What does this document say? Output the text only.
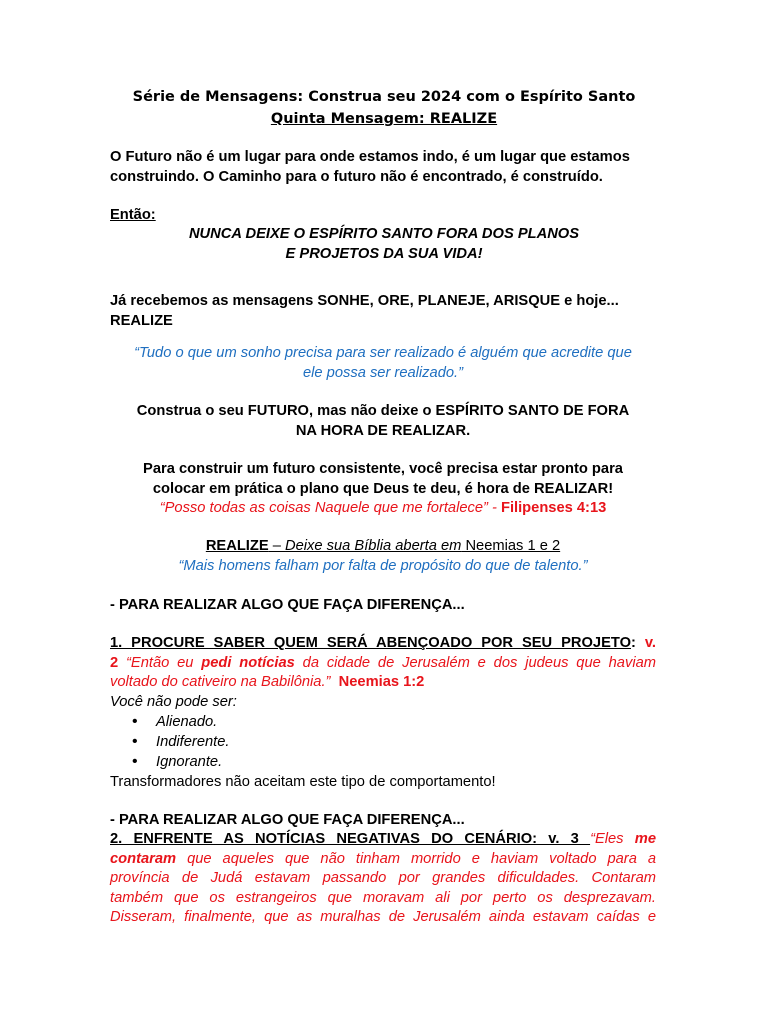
Série de Mensagens: Construa seu 2024 com o Espírito Santo
Quinta Mensagem: REALIZE
O Futuro não é um lugar para onde estamos indo, é um lugar que estamos
construindo. O Caminho para o futuro não é encontrado, é construído.
Então:
NUNCA DEIXE O ESPÍRITO SANTO FORA DOS PLANOS
E PROJETOS DA SUA VIDA!
Já recebemos as mensagens SONHE, ORE, PLANEJE, ARISQUE e hoje...
REALIZE
“Tudo o que um sonho precisa para ser realizado é alguém que acredite que
ele possa ser realizado.”
Construa o seu FUTURO, mas não deixe o ESPÍRITO SANTO DE FORA
NA HORA DE REALIZAR.
Para construir um futuro consistente, você precisa estar pronto para
colocar em prática o plano que Deus te deu, é hora de REALIZAR!
“Posso todas as coisas Naquele que me fortalece” - Filipenses 4:13
REALIZE – Deixe sua Bíblia aberta em Neemias 1 e 2
“Mais homens falham por falta de propósito do que de talento.”
- PARA REALIZAR ALGO QUE FAÇA DIFERENÇA...
1. PROCURE SABER QUEM SERÁ ABENÇOADO POR SEU PROJETO: v.
2 “Então eu pedi notícias da cidade de Jerusalém e dos judeus que haviam
voltado do cativeiro na Babilônia.” Neemias 1:2
Você não pode ser:
• Alienado.
• Indiferente.
• Ignorante.
Transformadores não aceitam este tipo de comportamento!
- PARA REALIZAR ALGO QUE FAÇA DIFERENÇA...
2. ENFRENTE AS NOTÍCIAS NEGATIVAS DO CENÁRIO: v. 3 “Eles me
contaram que aqueles que não tinham morrido e haviam voltado para a
província de Judá estavam passando por grandes dificuldades. Contaram
também que os estrangeiros que moravam ali por perto os desprezavam.
Disseram, finalmente, que as muralhas de Jerusalém ainda estavam caídas e
